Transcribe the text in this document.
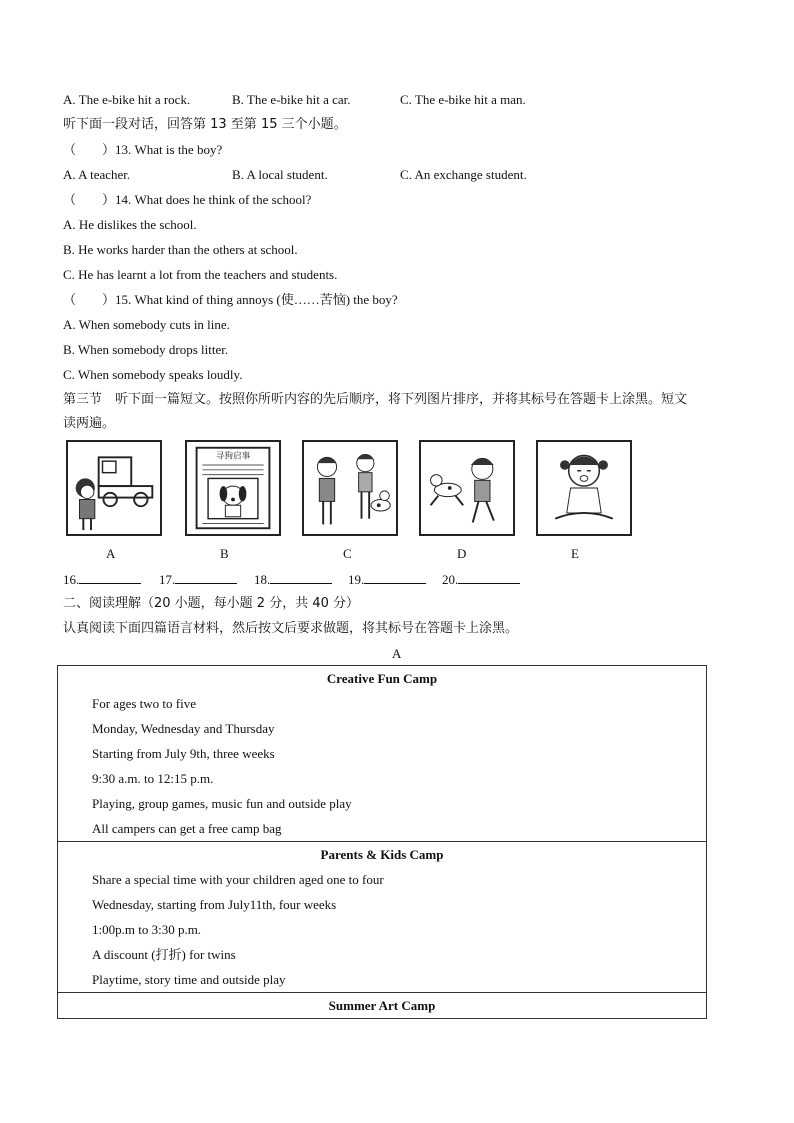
A. The e-bike hit a rock.	B. The e-bike hit a car.	C. The e-bike hit a man.
听下面一段对话，回答第 13 至第 15 三个小题。
（　　）13. What is the boy?
A. A teacher.	B. A local student.	C. An exchange student.
（　　）14. What does he think of the school?
A. He dislikes the school.
B. He works harder than the others at school.
C. He has learnt a lot from the teachers and students.
（　　）15. What kind of thing annoys (使……苦恼) the boy?
A. When somebody cuts in line.
B. When somebody drops litter.
C. When somebody speaks loudly.
第三节　听下面一篇短文。按照你所听内容的先后顺序，将下列图片排序，并将其标号在答题卡上涂黑。短文
读两遍。
寻狗启事
A	B	C	D	E
16.	17.	18.	19.	20.
二、阅读理解（20 小题，每小题 2 分，共 40 分）
认真阅读下面四篇语言材料，然后按文后要求做题，将其标号在答题卡上涂黑。
A
Creative Fun Camp
For ages two to five
Monday, Wednesday and Thursday
Starting from July 9th, three weeks
9:30 a.m. to 12:15 p.m.
Playing, group games, music fun and outside play
All campers can get a free camp bag

Parents & Kids Camp
Share a special time with your children aged one to four
Wednesday, starting from July11th, four weeks
1:00p.m to 3:30 p.m.
A discount (打折) for twins
Playtime, story time and outside play

Summer Art Camp
